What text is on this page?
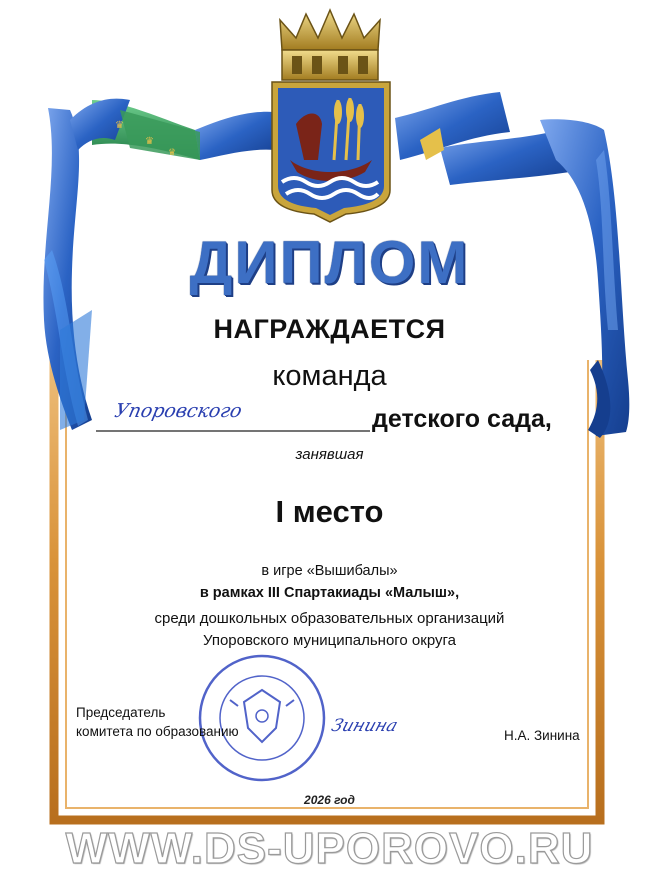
♛
♛
♛
ДИПЛОМ
НАГРАЖДАЕТСЯ
команда
Упоровского	детского сада,
занявшая
I место
в игре «Вышибалы»
в рамках III Спартакиады «Малыш»,
среди дошкольных образовательных организаций
Упоровского муниципального округа
Председатель
комитета по образованию	Зинина	Н.А. Зинина
2026 год
WWW.DS-UPOROVO.RU
